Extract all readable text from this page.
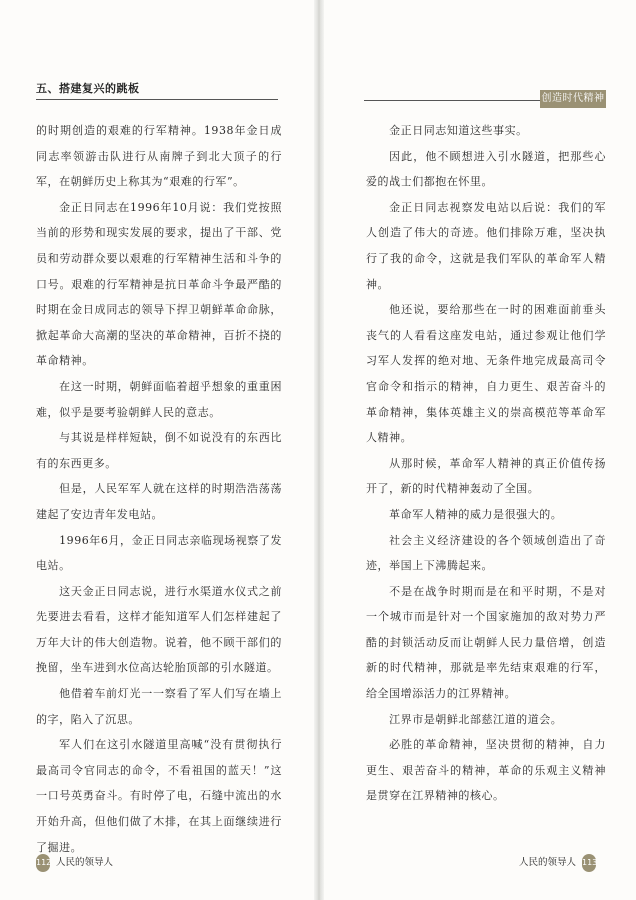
五、搭建复兴的跳板

的时期创造的艰难的行军精神。1938年金日成同志率领游击队进行从南牌子到北大顶子的行军，在朝鲜历史上称其为“艰难的行军”。

金正日同志在1996年10月说：我们党按照当前的形势和现实发展的要求，提出了干部、党员和劳动群众要以艰难的行军精神生活和斗争的口号。艰难的行军精神是抗日革命斗争最严酷的时期在金日成同志的领导下捍卫朝鲜革命命脉，掀起革命大高潮的坚决的革命精神，百折不挠的革命精神。

在这一时期，朝鲜面临着超乎想象的重重困难，似乎是要考验朝鲜人民的意志。

与其说是样样短缺，倒不如说没有的东西比有的东西更多。

但是，人民军军人就在这样的时期浩浩荡荡建起了安边青年发电站。

1996年6月，金正日同志亲临现场视察了发电站。

这天金正日同志说，进行水渠道水仪式之前先要进去看看，这样才能知道军人们怎样建起了万年大计的伟大创造物。说着，他不顾干部们的挽留，坐车进到水位高达轮胎顶部的引水隧道。

他借着车前灯光一一察看了军人们写在墙上的字，陷入了沉思。

军人们在这引水隧道里高喊“没有贯彻执行最高司令官同志的命令，不看祖国的蓝天！”这一口号英勇奋斗。有时停了电，石缝中流出的水开始升高，但他们做了木排，在其上面继续进行了掘进。

112 人民的领导人
创造时代精神

金正日同志知道这些事实。

因此，他不顾想进入引水隧道，把那些心爱的战士们都抱在怀里。

金正日同志视察发电站以后说：我们的军人创造了伟大的奇迹。他们排除万难，坚决执行了我的命令，这就是我们军队的革命军人精神。

他还说，要给那些在一时的困难面前垂头丧气的人看看这座发电站，通过参观让他们学习军人发挥的绝对地、无条件地完成最高司令官命令和指示的精神，自力更生、艰苦奋斗的革命精神，集体英雄主义的崇高模范等革命军人精神。

从那时候，革命军人精神的真正价值传扬开了，新的时代精神轰动了全国。

革命军人精神的威力是很强大的。

社会主义经济建设的各个领域创造出了奇迹，举国上下沸腾起来。

不是在战争时期而是在和平时期，不是对一个城市而是针对一个国家施加的敌对势力严酷的封锁活动反而让朝鲜人民力量倍增，创造新的时代精神，那就是率先结束艰难的行军，给全国增添活力的江界精神。

江界市是朝鲜北部慈江道的道会。

必胜的革命精神，坚决贯彻的精神，自力更生、艰苦奋斗的精神，革命的乐观主义精神是贯穿在江界精神的核心。

人民的领导人 113
